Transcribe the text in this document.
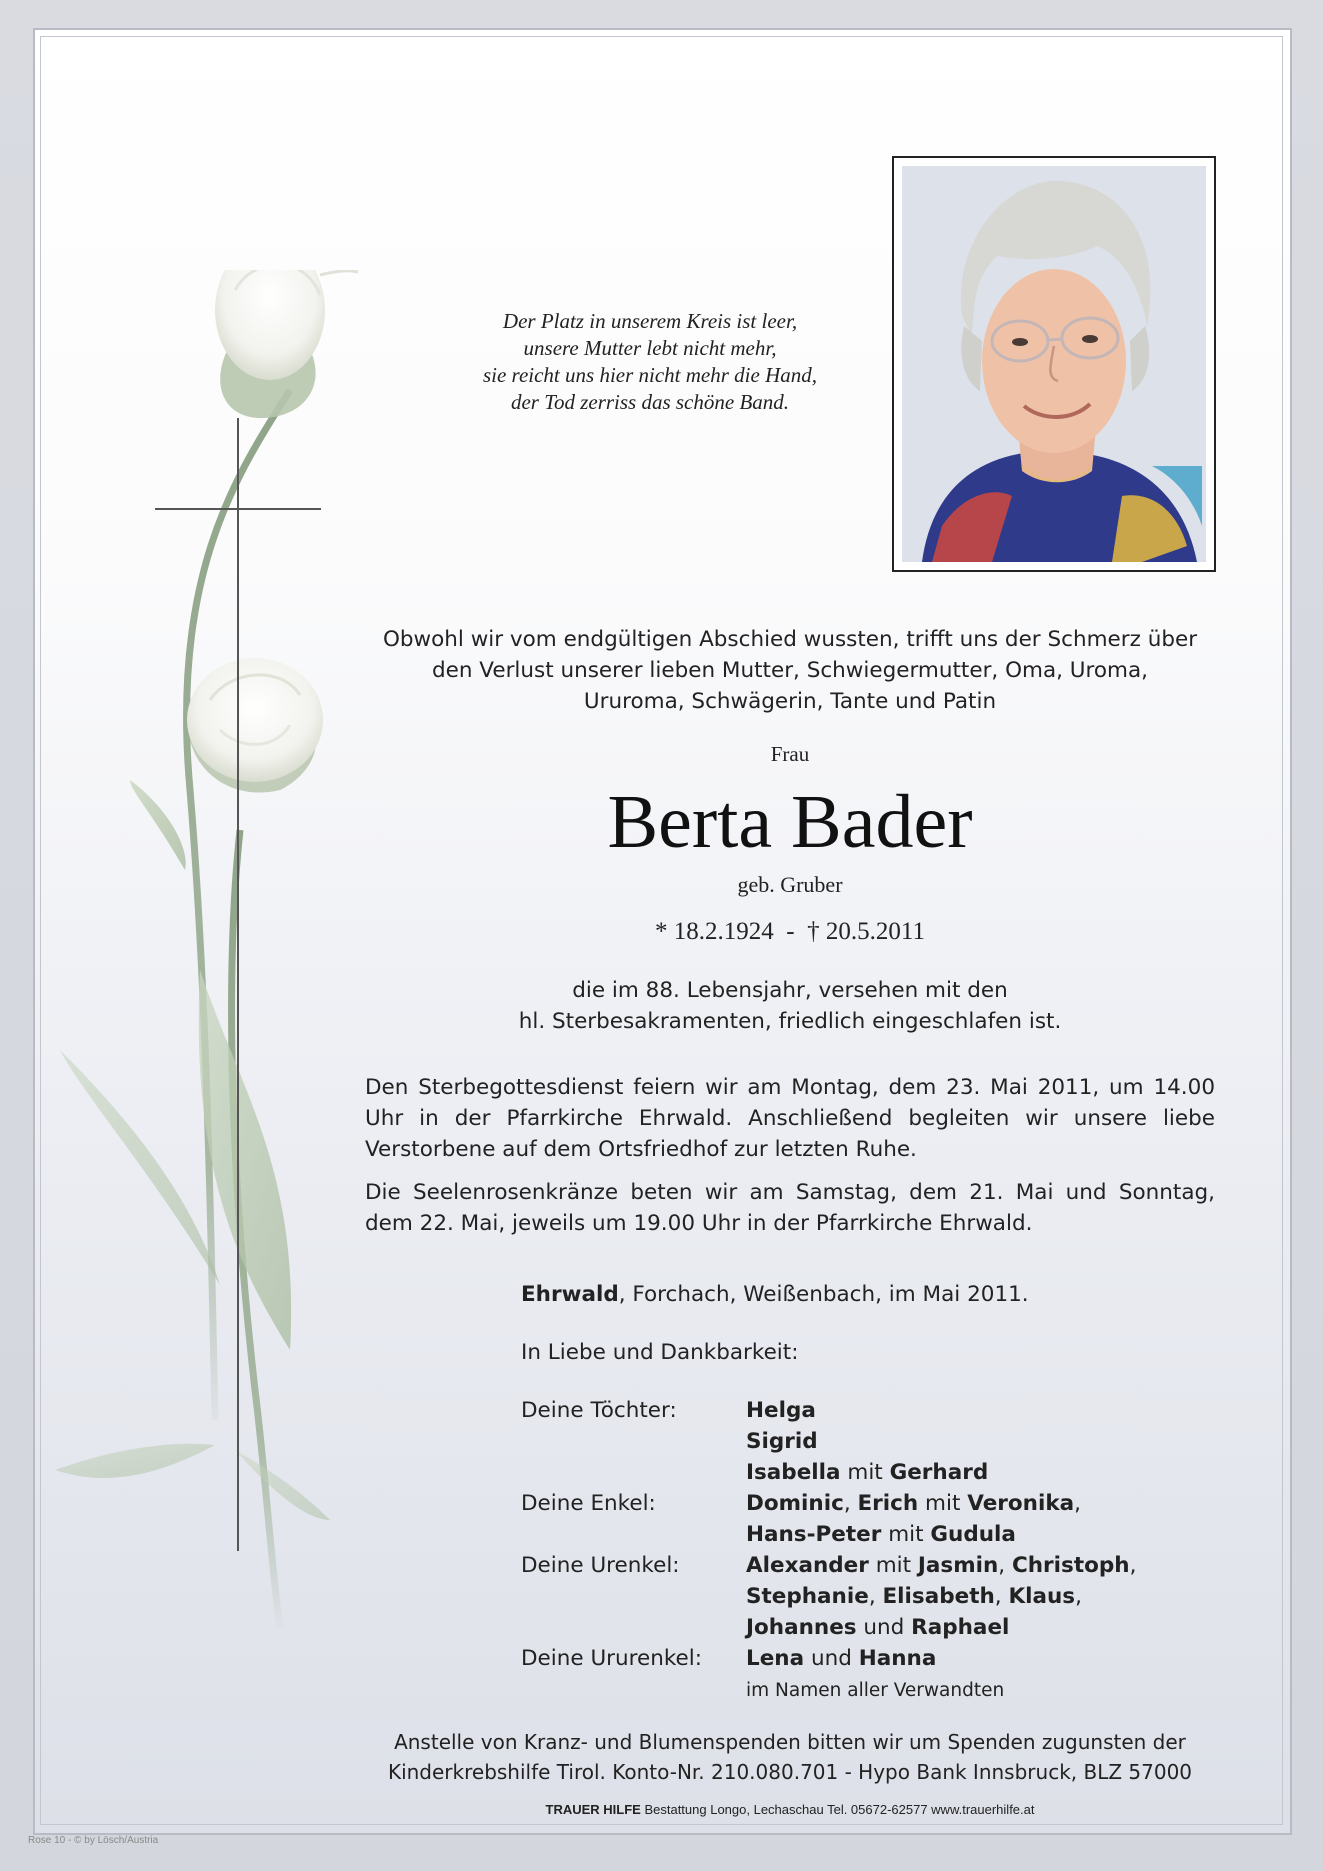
Der Platz in unserem Kreis ist leer,
unsere Mutter lebt nicht mehr,
sie reicht uns hier nicht mehr die Hand,
der Tod zerriss das schöne Band.
Obwohl wir vom endgültigen Abschied wussten, trifft uns der Schmerz über
den Verlust unserer lieben Mutter, Schwiegermutter, Oma, Uroma,
Ururoma, Schwägerin, Tante und Patin
Frau
Berta Bader
geb. Gruber
* 18.2.1924  -  † 20.5.2011
die im 88. Lebensjahr, versehen mit den
hl. Sterbesakramenten, friedlich eingeschlafen ist.
Den Sterbegottesdienst feiern wir am Montag, dem 23. Mai 2011, um 14.00 Uhr in der Pfarrkirche Ehrwald. Anschließend begleiten wir unsere liebe Verstorbene auf dem Ortsfriedhof zur letzten Ruhe.
Die Seelenrosenkränze beten wir am Samstag, dem 21. Mai und Sonntag, dem 22. Mai, jeweils um 19.00 Uhr in der Pfarrkirche Ehrwald.
Ehrwald, Forchach, Weißenbach, im Mai 2011.
In Liebe und Dankbarkeit:
Deine Töchter:	Helga
Sigrid
Isabella mit Gerhard
Deine Enkel:	Dominic, Erich mit Veronika,
Hans-Peter mit Gudula
Deine Urenkel:	Alexander mit Jasmin, Christoph,
Stephanie, Elisabeth, Klaus,
Johannes und Raphael
Deine Ururenkel: Lena und Hanna
im Namen aller Verwandten
Anstelle von Kranz- und Blumenspenden bitten wir um Spenden zugunsten der
Kinderkrebshilfe Tirol. Konto-Nr. 210.080.701 - Hypo Bank Innsbruck, BLZ 57000
TRAUER HILFE Bestattung Longo, Lechaschau Tel. 05672-62577 www.trauerhilfe.at
Rose 10 - © by Lösch/Austria
